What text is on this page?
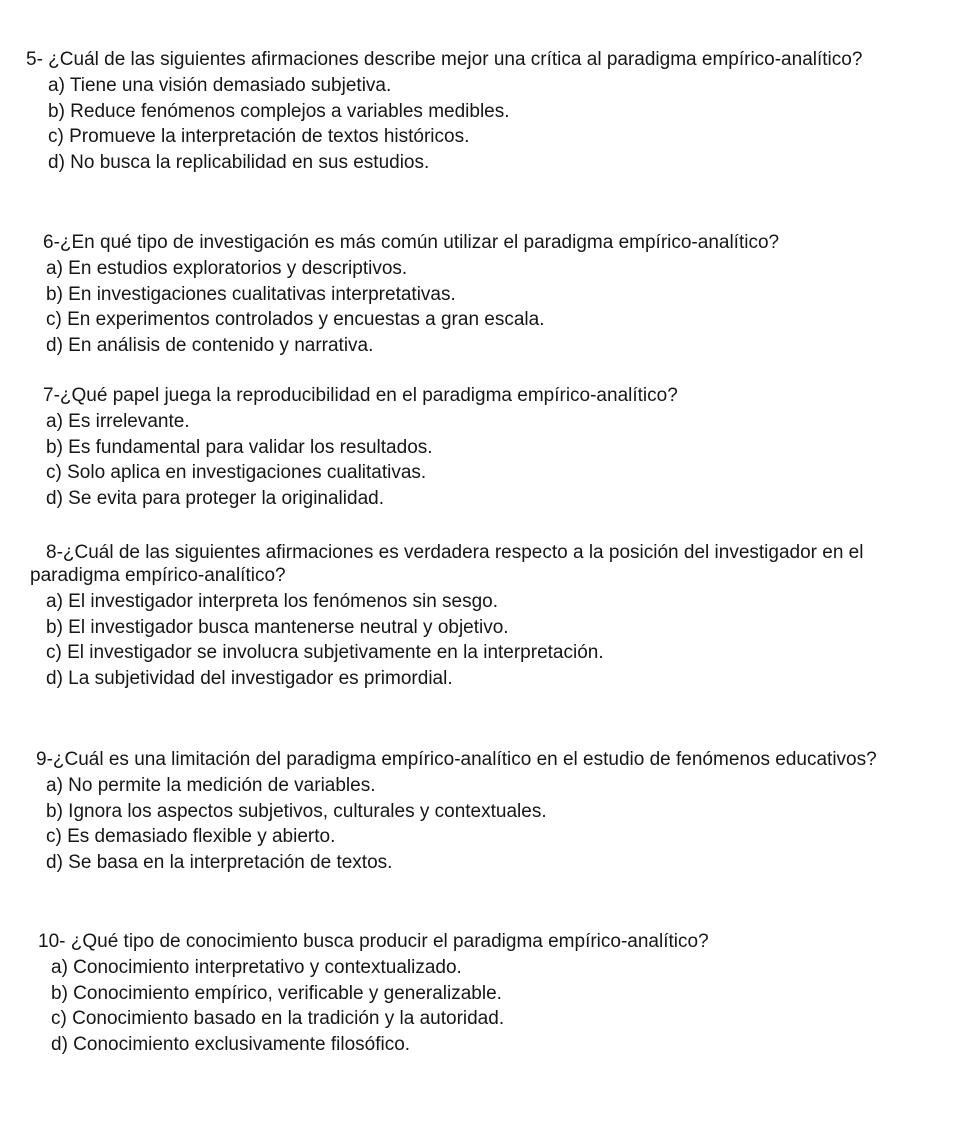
5- ¿Cuál de las siguientes afirmaciones describe mejor una crítica al paradigma empírico-analítico?

a) Tiene una visión demasiado subjetiva.
b) Reduce fenómenos complejos a variables medibles.
c) Promueve la interpretación de textos históricos.
d) No busca la replicabilidad en sus estudios.

6-¿En qué tipo de investigación es más común utilizar el paradigma empírico-analítico?

a) En estudios exploratorios y descriptivos.
b) En investigaciones cualitativas interpretativas.
c) En experimentos controlados y encuestas a gran escala.
d) En análisis de contenido y narrativa.

7-¿Qué papel juega la reproducibilidad en el paradigma empírico-analítico?

a) Es irrelevante.
b) Es fundamental para validar los resultados.
c) Solo aplica en investigaciones cualitativas.
d) Se evita para proteger la originalidad.

8-¿Cuál de las siguientes afirmaciones es verdadera respecto a la posición del investigador en el paradigma empírico-analítico?

a) El investigador interpreta los fenómenos sin sesgo.
b) El investigador busca mantenerse neutral y objetivo.
c) El investigador se involucra subjetivamente en la interpretación.
d) La subjetividad del investigador es primordial.

9-¿Cuál es una limitación del paradigma empírico-analítico en el estudio de fenómenos educativos?

a) No permite la medición de variables.
b) Ignora los aspectos subjetivos, culturales y contextuales.
c) Es demasiado flexible y abierto.
d) Se basa en la interpretación de textos.

10- ¿Qué tipo de conocimiento busca producir el paradigma empírico-analítico?

a) Conocimiento interpretativo y contextualizado.
b) Conocimiento empírico, verificable y generalizable.
c) Conocimiento basado en la tradición y la autoridad.
d) Conocimiento exclusivamente filosófico.
